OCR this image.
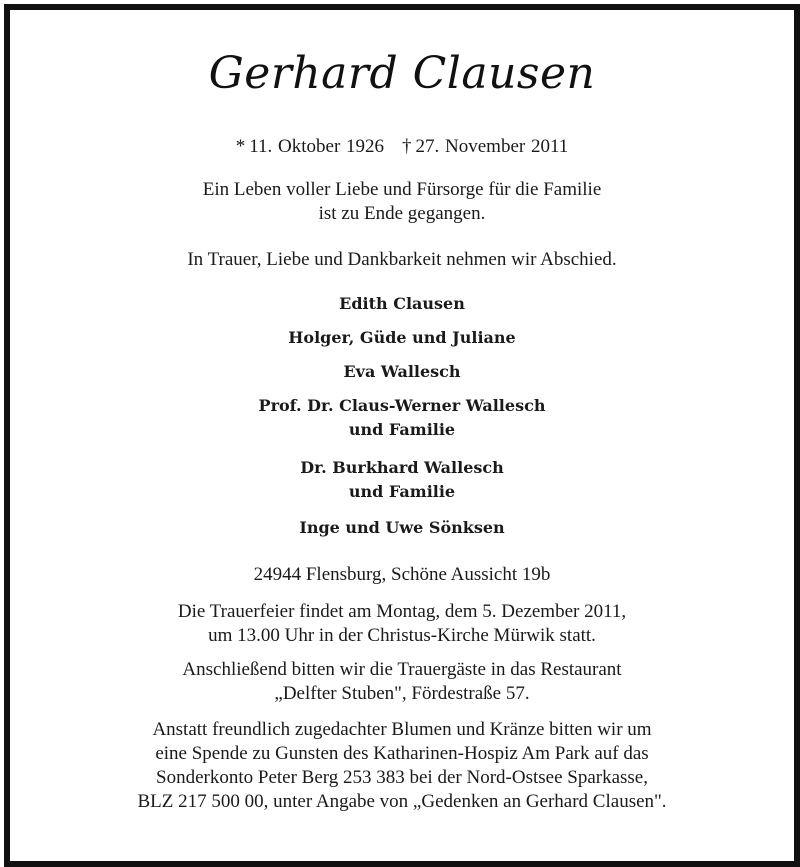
Gerhard Clausen
* 11. Oktober 1926 † 27. November 2011
Ein Leben voller Liebe und Fürsorge für die Familie
ist zu Ende gegangen.
In Trauer, Liebe und Dankbarkeit nehmen wir Abschied.
Edith Clausen
Holger, Güde und Juliane
Eva Wallesch
Prof. Dr. Claus-Werner Wallesch
und Familie
Dr. Burkhard Wallesch
und Familie
Inge und Uwe Sönksen
24944 Flensburg, Schöne Aussicht 19b
Die Trauerfeier findet am Montag, dem 5. Dezember 2011,
um 13.00 Uhr in der Christus-Kirche Mürwik statt.
Anschließend bitten wir die Trauergäste in das Restaurant
„Delfter Stuben", Fördestraße 57.
Anstatt freundlich zugedachter Blumen und Kränze bitten wir um
eine Spende zu Gunsten des Katharinen-Hospiz Am Park auf das
Sonderkonto Peter Berg 253 383 bei der Nord-Ostsee Sparkasse,
BLZ 217 500 00, unter Angabe von „Gedenken an Gerhard Clausen".
